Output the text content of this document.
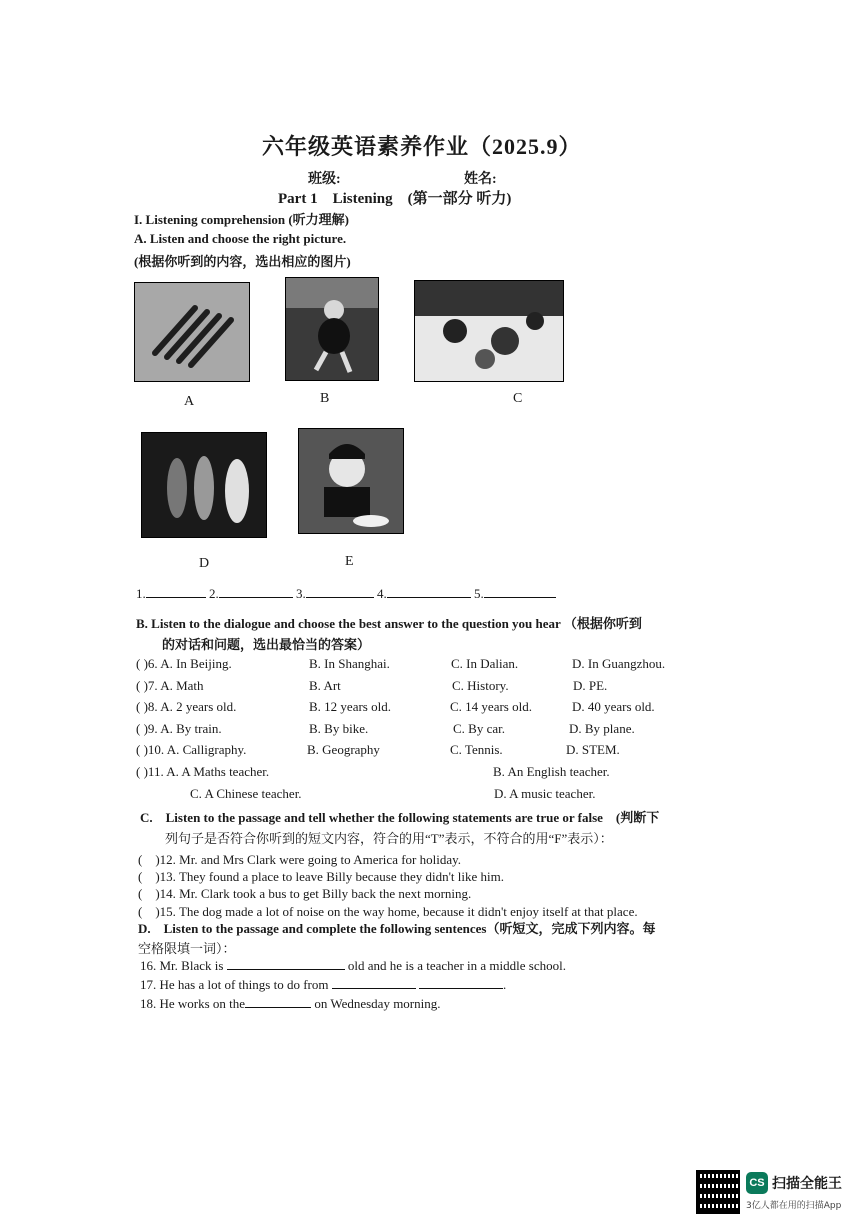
六年级英语素养作业（2025.9）
班级:	姓名:
Part 1　Listening　(第一部分 听力)
I. Listening comprehension (听力理解)
A. Listen and choose the right picture.
(根据你听到的内容，选出相应的图片)
A	B	C
D	E
1.	2.	3.	4.	5.
B. Listen to the dialogue and choose the best answer to the question you hear （根据你听到
的对话和问题，选出最恰当的答案）
( )6. A. In Beijing.	B. In Shanghai.	C. In Dalian.	D. In Guangzhou.
( )7. A. Math	B. Art	C. History.	D. PE.
( )8. A. 2 years old.	B. 12 years old.	C. 14 years old.	D. 40 years old.
( )9. A. By train.	B. By bike.	C. By car.	D. By plane.
( )10. A. Calligraphy.	B. Geography	C. Tennis.	D. STEM.
( )11. A. A Maths teacher.	B. An English teacher.
C. A Chinese teacher.	D. A music teacher.
C.　Listen to the passage and tell whether the following statements are true or false　(判断下
列句子是否符合你听到的短文内容，符合的用“T”表示，不符合的用“F”表示）：
(　)12. Mr. and Mrs Clark were going to America for holiday.
(　)13. They found a place to leave Billy because they didn't like him.
(　)14. Mr. Clark took a bus to get Billy back the next morning.
(　)15. The dog made a lot of noise on the way home, because it didn't enjoy itself at that place.
D.　Listen to the passage and complete the following sentences（听短文，完成下列内容。每
空格限填一词）：
16. Mr. Black is	old and he is a teacher in a middle school.
17. He has a lot of things to do from	.
18. He works on the	on Wednesday morning.
CS 扫描全能王
3亿人都在用的扫描App
